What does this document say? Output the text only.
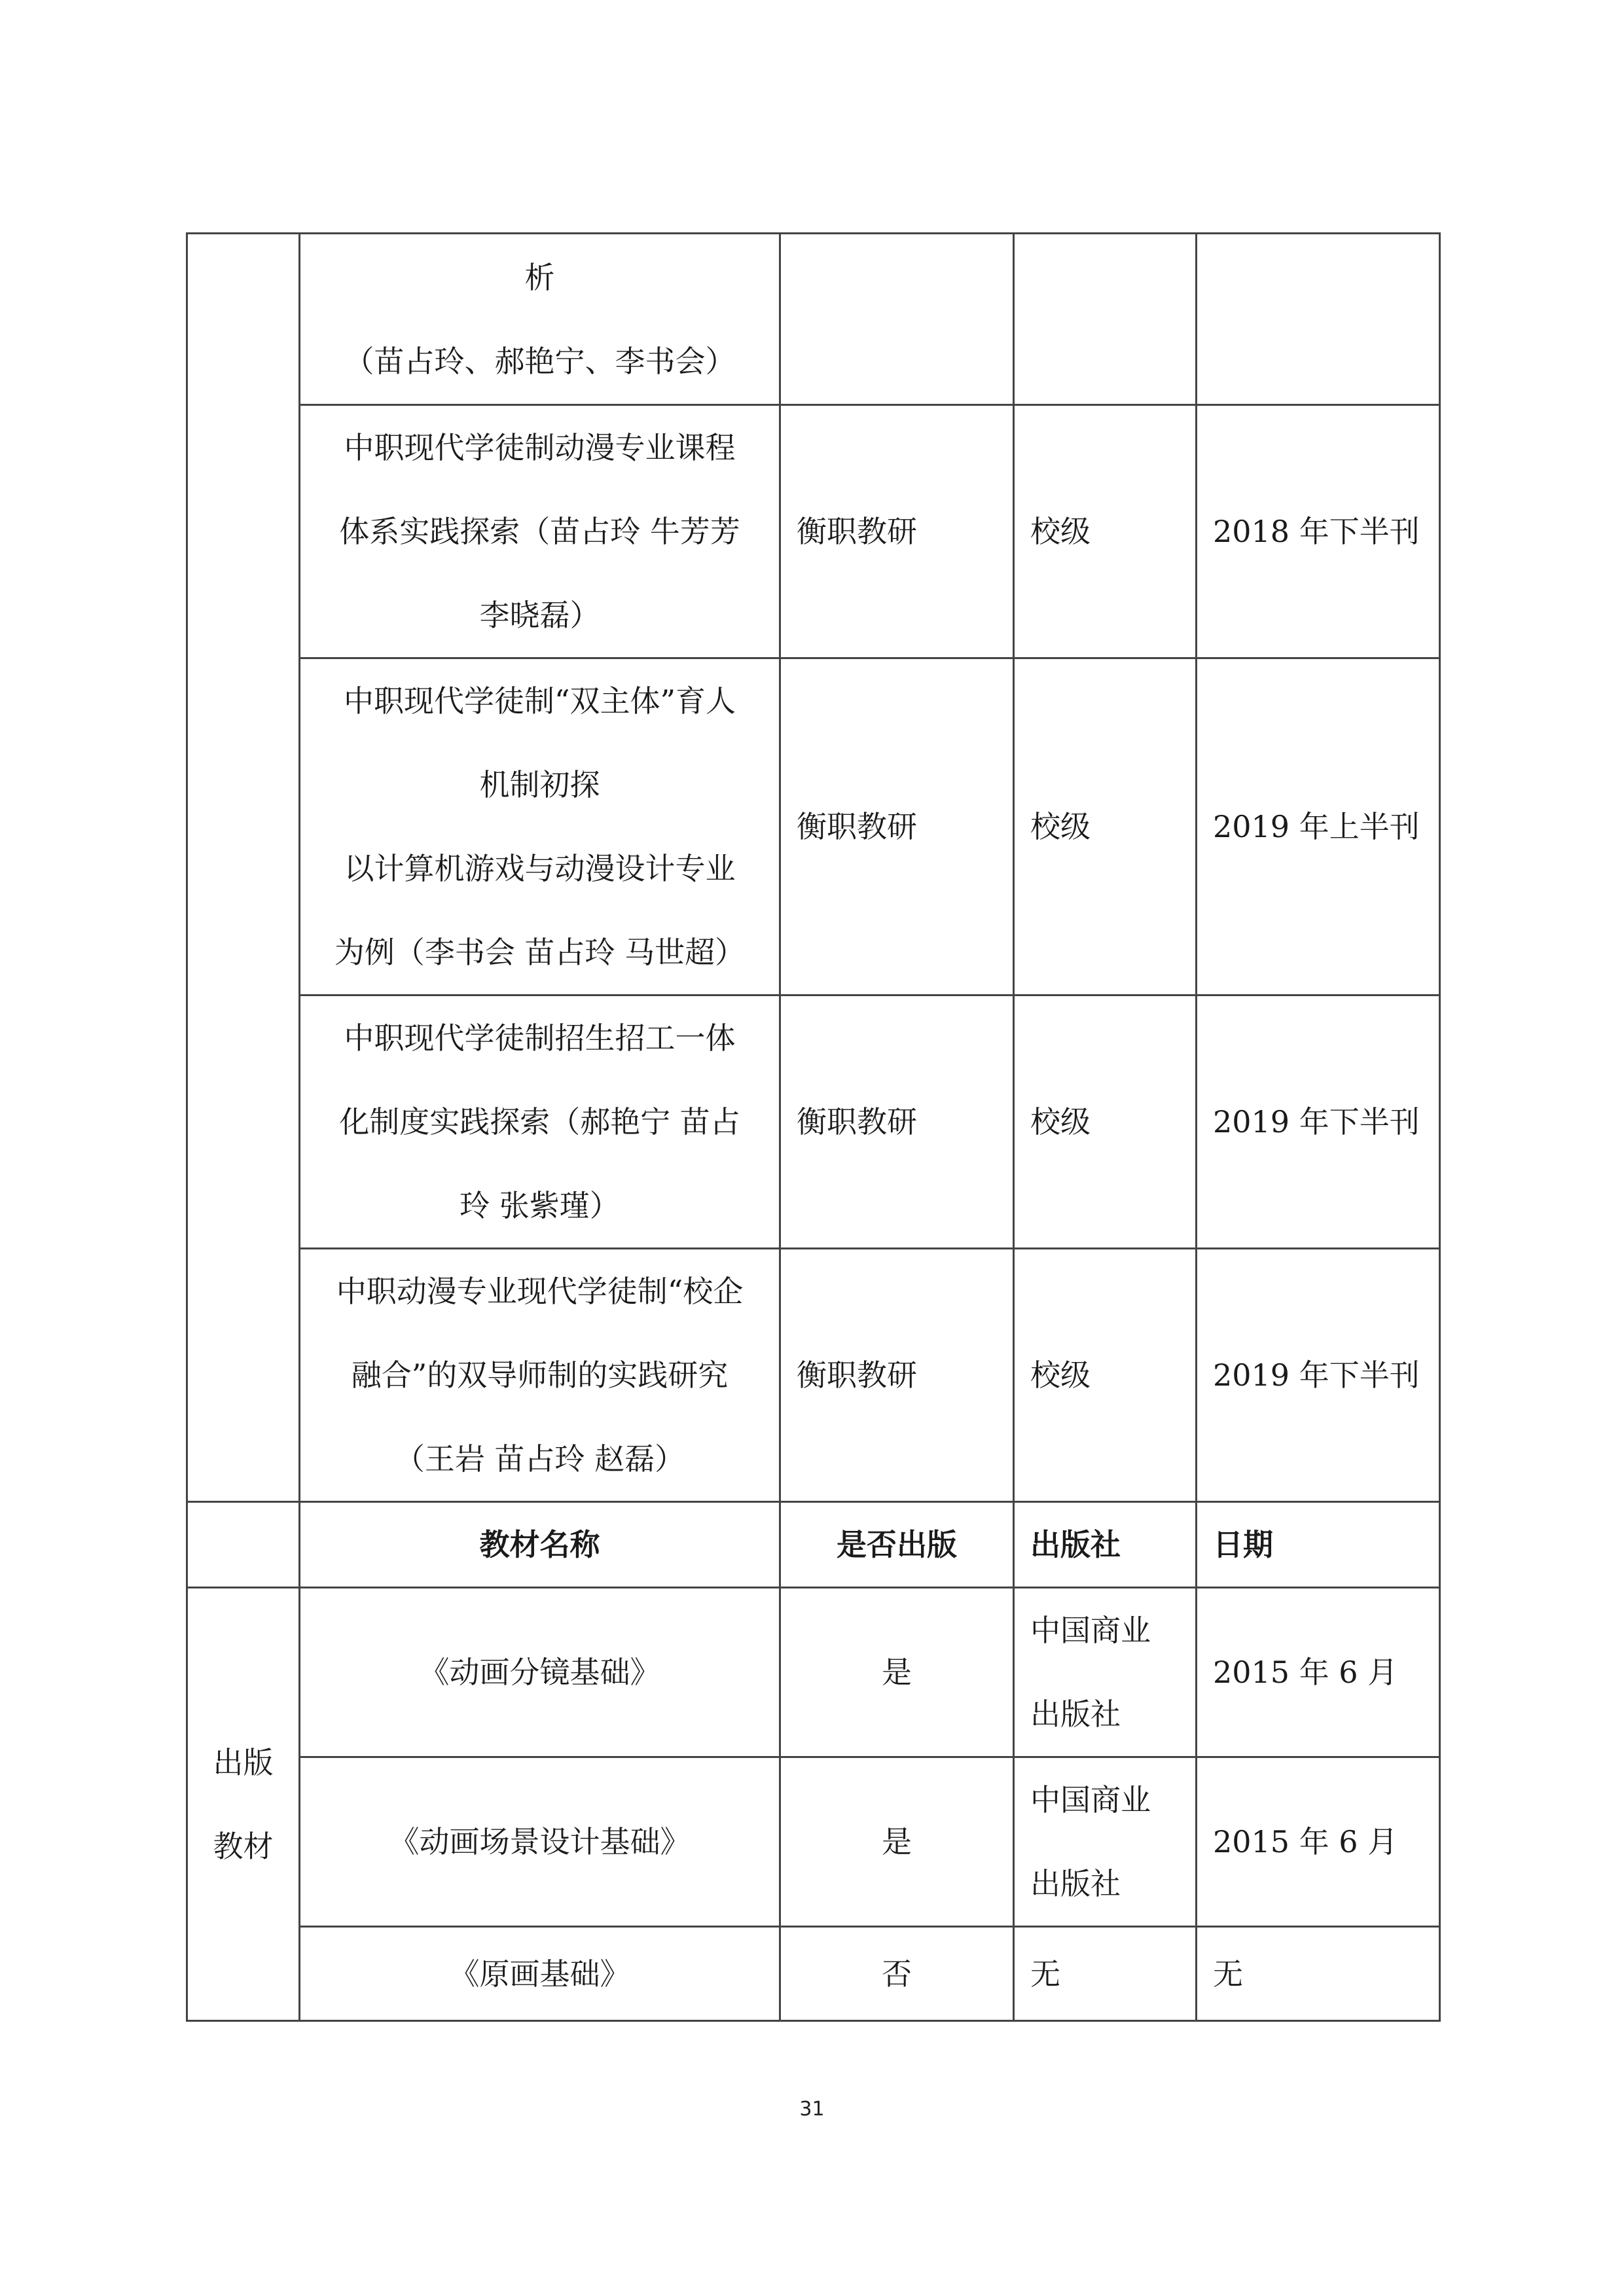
	析
（苗占玲、郝艳宁、李书会）			

	中职现代学徒制动漫专业课程
体系实践探索（苗占玲 牛芳芳
李晓磊）	衡职教研	校级	2018 年下半刊

	中职现代学徒制“双主体”育人
机制初探
以计算机游戏与动漫设计专业
为例（李书会 苗占玲 马世超）	衡职教研	校级	2019 年上半刊

	中职现代学徒制招生招工一体
化制度实践探索（郝艳宁 苗占
玲 张紫瑾）	衡职教研	校级	2019 年下半刊

	中职动漫专业现代学徒制“校企
融合”的双导师制的实践研究
（王岩 苗占玲 赵磊）	衡职教研	校级	2019 年下半刊
	教材名称	是否出版	出版社	日期

出版
教材	《动画分镜基础》	是	中国商业
出版社	2015 年 6 月
	《动画场景设计基础》	是	中国商业
出版社	2015 年 6 月
	《原画基础》	否	无	无
31
